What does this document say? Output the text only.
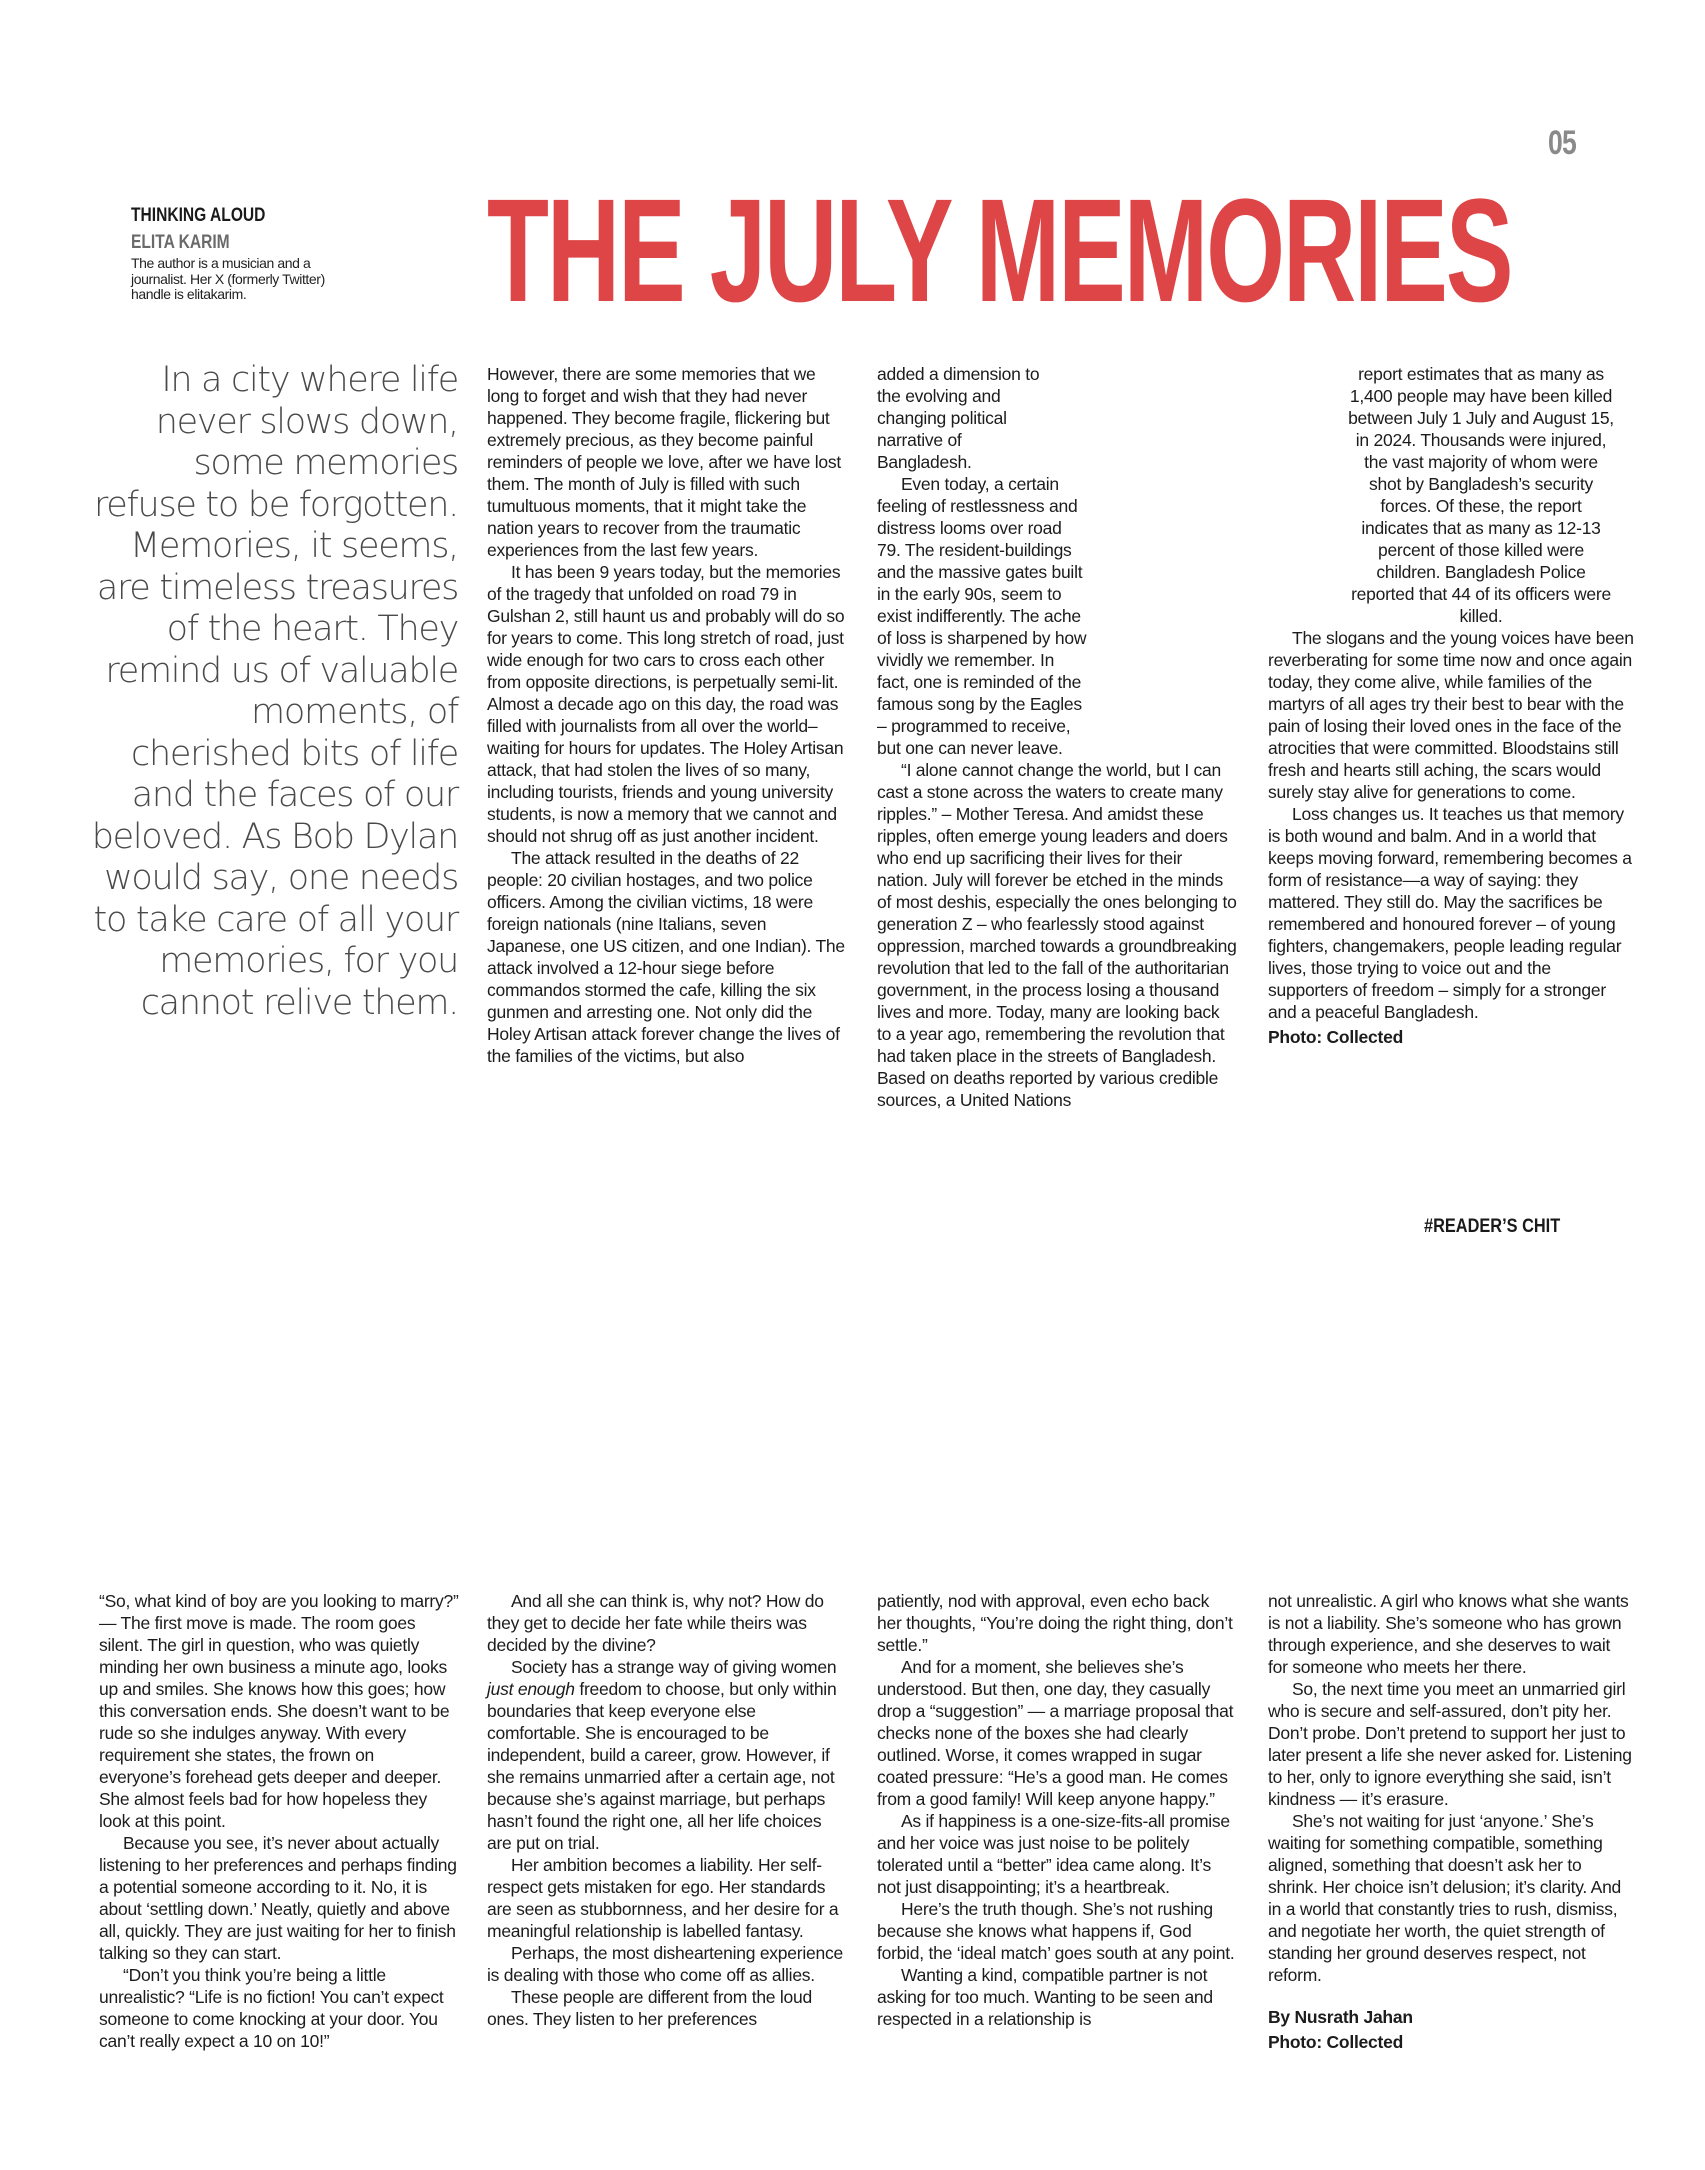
05
THE JULY MEMORIES
THINKING ALOUD
ELITA KARIM
The author is a musician and a journalist. Her X (formerly Twitter) handle is elitakarim.
In a city where life never slows down, some memories refuse to be forgotten. Memories, it seems, are timeless treasures of the heart. They remind us of valuable moments, of cherished bits of life and the faces of our beloved. As Bob Dylan would say, one needs to take care of all your memories, for you cannot relive them.

However, there are some memories that we long to forget and wish that they had never happened. They become fragile, flickering but extremely precious, as they become painful reminders of people we love, after we have lost them. The month of July is filled with such tumultuous moments, that it might take the nation years to recover from the traumatic experiences from the last few years.

It has been 9 years today, but the memories of the tragedy that unfolded on road 79 in Gulshan 2, still haunt us and probably will do so for years to come. This long stretch of road, just wide enough for two cars to cross each other from opposite directions, is perpetually semi-lit. Almost a decade ago on this day, the road was filled with journalists from all over the world– waiting for hours for updates. The Holey Artisan attack, that had stolen the lives of so many, including tourists, friends and young university students, is now a memory that we cannot and should not shrug off as just another incident.

The attack resulted in the deaths of 22 people: 20 civilian hostages, and two police officers. Among the civilian victims, 18 were foreign nationals (nine Italians, seven Japanese, one US citizen, and one Indian). The attack involved a 12-hour siege before commandos stormed the cafe, killing the six gunmen and arresting one. Not only did the Holey Artisan attack forever change the lives of the families of the victims, but also

added a dimension to the evolving and changing political narrative of Bangladesh.

Even today, a certain feeling of restlessness and distress looms over road 79. The resident-buildings and the massive gates built in the early 90s, seem to exist indifferently. The ache of loss is sharpened by how vividly we remember. In fact, one is reminded of the famous song by the Eagles – programmed to receive, but one can never leave.

“I alone cannot change the world, but I can cast a stone across the waters to create many ripples.” – Mother Teresa. And amidst these ripples, often emerge young leaders and doers who end up sacrificing their lives for their nation. July will forever be etched in the minds of most deshis, especially the ones belonging to generation Z – who fearlessly stood against oppression, marched towards a groundbreaking revolution that led to the fall of the authoritarian government, in the process losing a thousand lives and more. Today, many are looking back to a year ago, remembering the revolution that had taken place in the streets of Bangladesh. Based on deaths reported by various credible sources, a United Nations

report estimates that as many as 1,400 people may have been killed between July 1 July and August 15, in 2024. Thousands were injured, the vast majority of whom were shot by Bangladesh’s security forces. Of these, the report indicates that as many as 12-13 percent of those killed were children. Bangladesh Police reported that 44 of its officers were killed.

The slogans and the young voices have been reverberating for some time now and once again today, they come alive, while families of the martyrs of all ages try their best to bear with the pain of losing their loved ones in the face of the atrocities that were committed. Bloodstains still fresh and hearts still aching, the scars would surely stay alive for generations to come.

Loss changes us. It teaches us that memory is both wound and balm. And in a world that keeps moving forward, remembering becomes a form of resistance—a way of saying: they mattered. They still do. May the sacrifices be remembered and honoured forever – of young fighters, changemakers, people leading regular lives, those trying to voice out and the supporters of freedom – simply for a stronger and a peaceful Bangladesh.

Photo: Collected

#READER’S CHIT

“So, what kind of boy are you looking to marry?” — The first move is made. The room goes silent. The girl in question, who was quietly minding her own business a minute ago, looks up and smiles. She knows how this goes; how this conversation ends. She doesn’t want to be rude so she indulges anyway. With every requirement she states, the frown on everyone’s forehead gets deeper and deeper. She almost feels bad for how hopeless they look at this point.

Because you see, it’s never about actually listening to her preferences and perhaps finding a potential someone according to it. No, it is about ‘settling down.’ Neatly, quietly and above all, quickly. They are just waiting for her to finish talking so they can start.

“Don’t you think you’re being a little unrealistic? “Life is no fiction! You can’t expect someone to come knocking at your door. You can’t really expect a 10 on 10!”

And all she can think is, why not? How do they get to decide her fate while theirs was decided by the divine?

Society has a strange way of giving women just enough freedom to choose, but only within boundaries that keep everyone else comfortable. She is encouraged to be independent, build a career, grow. However, if she remains unmarried after a certain age, not because she’s against marriage, but perhaps hasn’t found the right one, all her life choices are put on trial.

Her ambition becomes a liability. Her self-respect gets mistaken for ego. Her standards are seen as stubbornness, and her desire for a meaningful relationship is labelled fantasy.

Perhaps, the most disheartening experience is dealing with those who come off as allies.

These people are different from the loud ones. They listen to her preferences

patiently, nod with approval, even echo back her thoughts, “You’re doing the right thing, don’t settle.”

And for a moment, she believes she’s understood. But then, one day, they casually drop a “suggestion” — a marriage proposal that checks none of the boxes she had clearly outlined. Worse, it comes wrapped in sugar coated pressure: “He’s a good man. He comes from a good family! Will keep anyone happy.”

As if happiness is a one-size-fits-all promise and her voice was just noise to be politely tolerated until a “better” idea came along. It’s not just disappointing; it’s a heartbreak.

Here’s the truth though. She’s not rushing because she knows what happens if, God forbid, the ‘ideal match’ goes south at any point.

Wanting a kind, compatible partner is not asking for too much. Wanting to be seen and respected in a relationship is

not unrealistic. A girl who knows what she wants is not a liability. She’s someone who has grown through experience, and she deserves to wait for someone who meets her there.

So, the next time you meet an unmarried girl who is secure and self-assured, don’t pity her. Don’t probe. Don’t pretend to support her just to later present a life she never asked for. Listening to her, only to ignore everything she said, isn’t kindness — it’s erasure.

She’s not waiting for just ‘anyone.’ She’s waiting for something compatible, something aligned, something that doesn’t ask her to shrink. Her choice isn’t delusion; it’s clarity. And in a world that constantly tries to rush, dismiss, and negotiate her worth, the quiet strength of standing her ground deserves respect, not reform.

By Nusrath Jahan

Photo: Collected
